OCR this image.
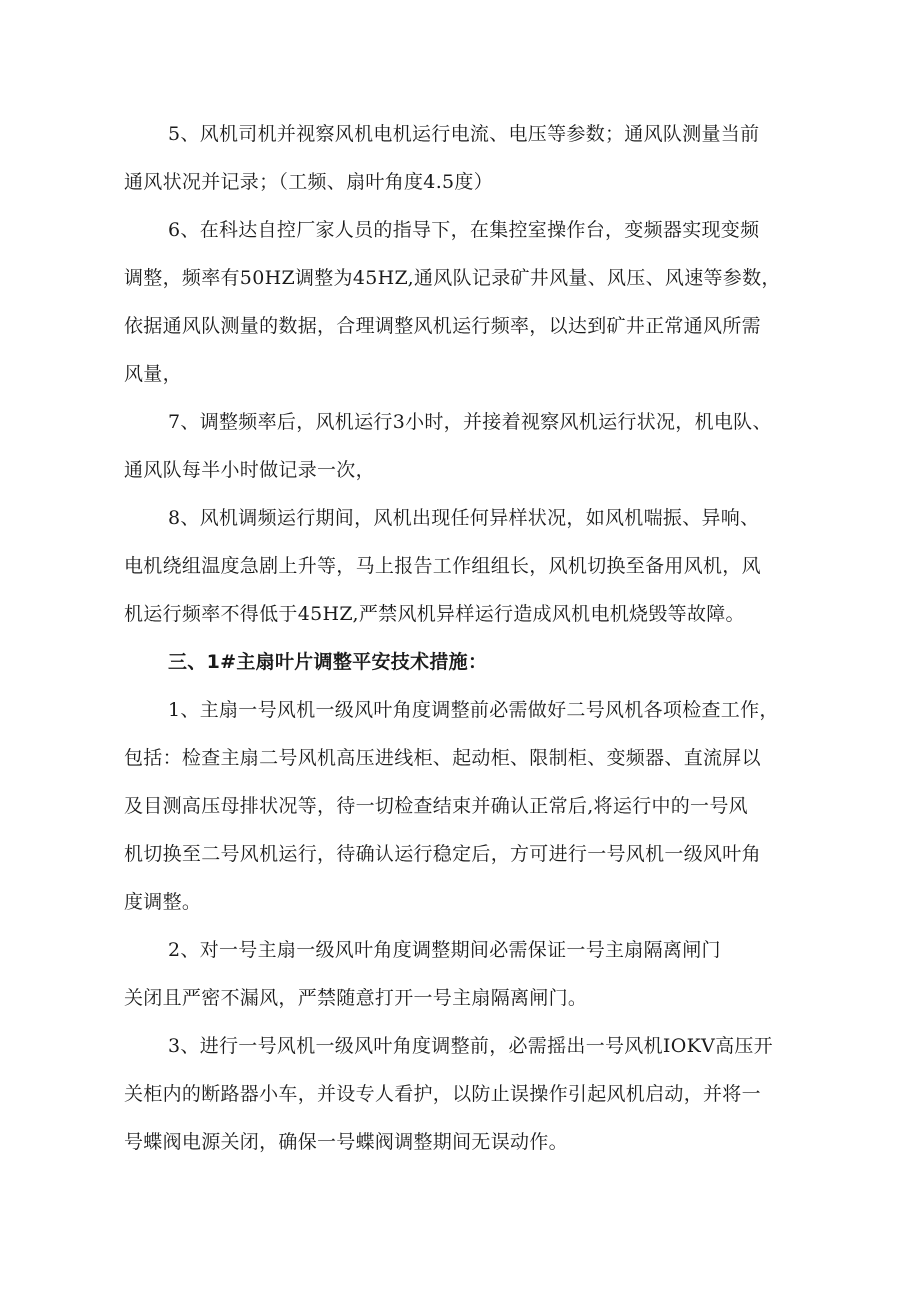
5、风机司机并视察风机电机运行电流、电压等参数；通风队测量当前
通风状况并记录；（工频、扇叶角度4.5度）
6、在科达自控厂家人员的指导下，在集控室操作台，变频器实现变频
调整，频率有50HZ调整为45HZ,通风队记录矿井风量、风压、风速等参数，
依据通风队测量的数据，合理调整风机运行频率，以达到矿井正常通风所需
风量，
7、调整频率后，风机运行3小时，并接着视察风机运行状况，机电队、
通风队每半小时做记录一次，
8、风机调频运行期间，风机出现任何异样状况，如风机喘振、异响、
电机绕组温度急剧上升等，马上报告工作组组长，风机切换至备用风机，风
机运行频率不得低于45HZ,严禁风机异样运行造成风机电机烧毁等故障。
三、1#主扇叶片调整平安技术措施：
1、主扇一号风机一级风叶角度调整前必需做好二号风机各项检查工作，
包括：检查主扇二号风机高压进线柜、起动柜、限制柜、变频器、直流屏以
及目测高压母排状况等，待一切检查结束并确认正常后,将运行中的一号风
机切换至二号风机运行，待确认运行稳定后，方可进行一号风机一级风叶角
度调整。
2、对一号主扇一级风叶角度调整期间必需保证一号主扇隔离闸门
关闭且严密不漏风，严禁随意打开一号主扇隔离闸门。
3、进行一号风机一级风叶角度调整前，必需摇出一号风机IOKV高压开
关柜内的断路器小车，并设专人看护，以防止误操作引起风机启动，并将一
号蝶阀电源关闭，确保一号蝶阀调整期间无误动作。
